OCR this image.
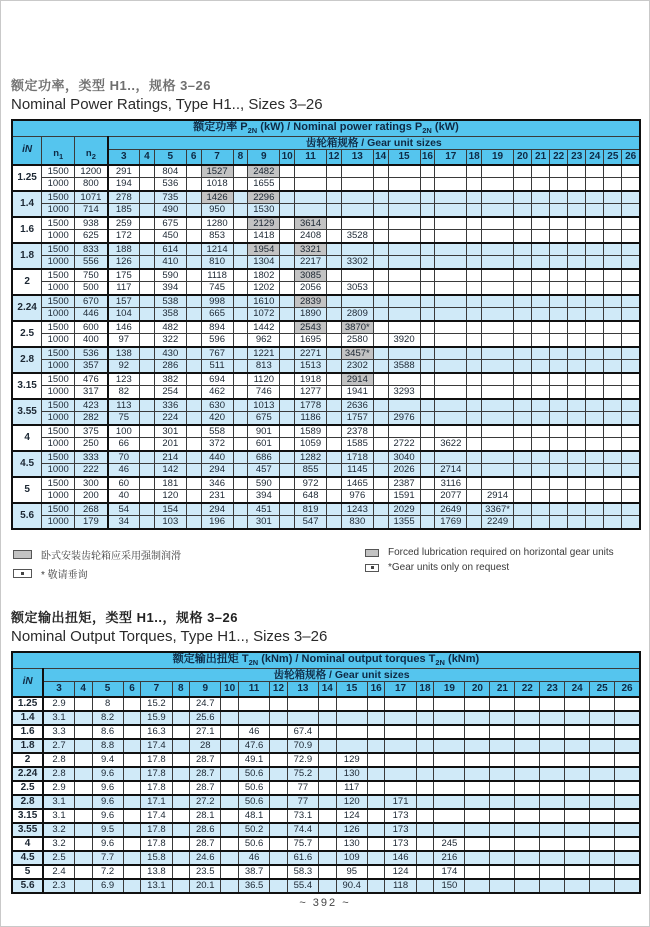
额定功率，类型 H1..，规格 3–26
Nominal Power Ratings, Type H1.., Sizes 3–26
额定功率 $P_{2N}$ (kW) / Nominal power ratings $P_{2N}$ (kW)																										
iN	$n_1$	$n_2$	齿轮箱规格 / Gear unit sizes																							
			3	4	5	6	7	8	9	10	11	12	13	14	15	16	17	18	19	20	21	22	23	24	25	26
1.25	1500	1200	291		804		1527		2482																	
	1000	800	194		536		1018		1655																	
1.4	1500	1071	278		735		1426		2296																	
	1000	714	185		490		950		1530																	
1.6	1500	938	259		675		1280		2129		3614															
	1000	625	172		450		853		1418		2408		3528													
1.8	1500	833	188		614		1214		1954		3321															
	1000	556	126		410		810		1304		2217		3302													
2	1500	750	175		590		1118		1802		3085															
	1000	500	117		394		745		1202		2056		3053													
2.24	1500	670	157		538		998		1610		2839															
	1000	446	104		358		665		1072		1890		2809													
2.5	1500	600	146		482		894		1442		2543		3870*													
	1000	400	97		322		596		962		1695		2580		3920											
2.8	1500	536	138		430		767		1221		2271		3457*													
	1000	357	92		286		511		813		1513		2302		3588											
3.15	1500	476	123		382		694		1120		1918		2914													
	1000	317	82		254		462		746		1277		1941		3293											
3.55	1500	423	113		336		630		1013		1778		2636													
	1000	282	75		224		420		675		1186		1757		2976											
4	1500	375	100		301		558		901		1589		2378													
	1000	250	66		201		372		601		1059		1585		2722		3622									
4.5	1500	333	70		214		440		686		1282		1718		3040											
	1000	222	46		142		294		457		855		1145		2026		2714									
5	1500	300	60		181		346		590		972		1465		2387		3116									
	1000	200	40		120		231		394		648		976		1591		2077		2914							
5.6	1500	268	54		154		294		451		819		1243		2029		2649		3367*							
	1000	179	34		103		196		301		547		830		1355		1769		2249							
卧式安装齿轮箱应采用强制润滑
* 敬请垂询
Forced lubrication required on horizontal gear units
*Gear units only on request
额定输出扭矩，类型 H1..，规格 3–26
Nominal Output Torques, Type H1.., Sizes 3–26
额定输出扭矩 $T_{2N}$ (kNm) / Nominal output torques $T_{2N}$ (kNm)																								
iN	齿轮箱规格 / Gear unit sizes																							
	3	4	5	6	7	8	9	10	11	12	13	14	15	16	17	18	19	20	21	22	23	24	25	26
1.25	2.9		8		15.2		24.7																	
1.4	3.1		8.2		15.9		25.6																	
1.6	3.3		8.6		16.3		27.1		46		67.4													
1.8	2.7		8.8		17.4		28		47.6		70.9													
2	2.8		9.4		17.8		28.7		49.1		72.9		129											
2.24	2.8		9.6		17.8		28.7		50.6		75.2		130											
2.5	2.9		9.6		17.8		28.7		50.6		77		117											
2.8	3.1		9.6		17.1		27.2		50.6		77		120		171									
3.15	3.1		9.6		17.4		28.1		48.1		73.1		124		173									
3.55	3.2		9.5		17.8		28.6		50.2		74.4		126		173									
4	3.2		9.6		17.8		28.7		50.6		75.7		130		173		245							
4.5	2.5		7.7		15.8		24.6		46		61.6		109		146		216							
5	2.4		7.2		13.8		23.5		38.7		58.3		95		124		174							
5.6	2.3		6.9		13.1		20.1		36.5		55.4		90.4		118		150							
~ 392 ~
